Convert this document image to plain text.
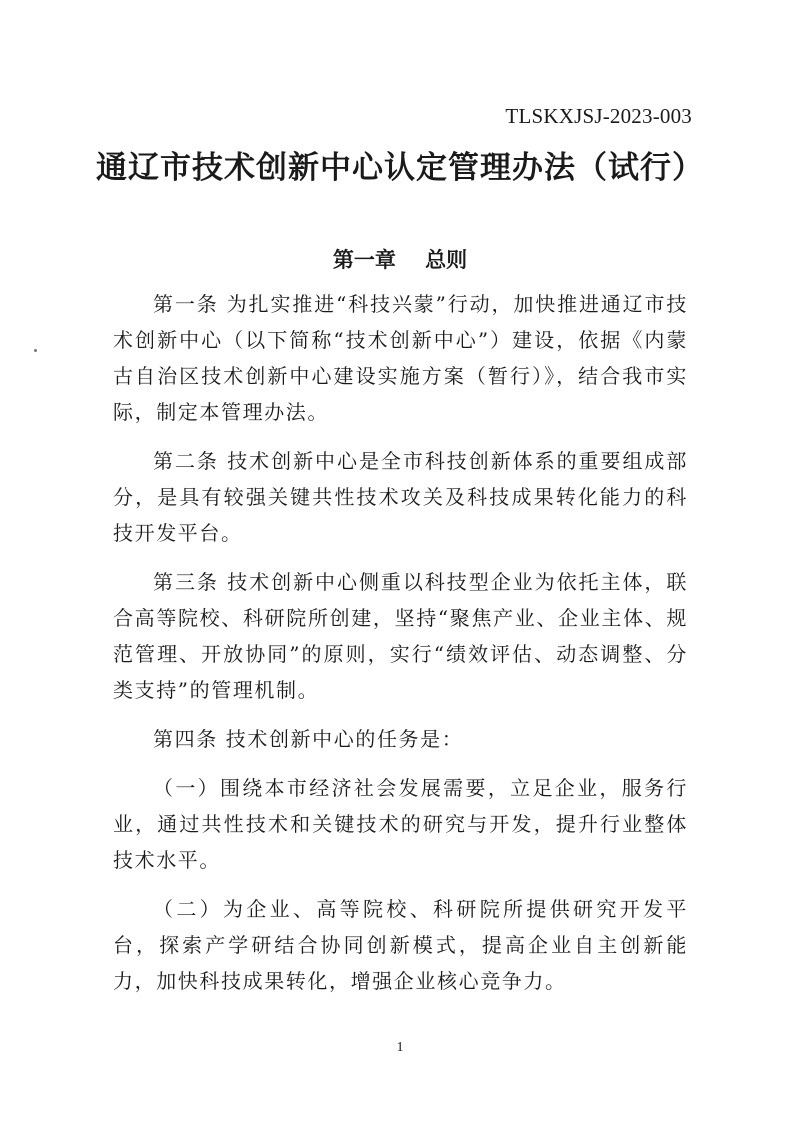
TLSKXJSJ-2023-003
通辽市技术创新中心认定管理办法（试行）
第一章    总则

第一条 为扎实推进“科技兴蒙”行动，加快推进通辽市技术创新中心（以下简称“技术创新中心”）建设，依据《内蒙古自治区技术创新中心建设实施方案（暂行）》，结合我市实际，制定本管理办法。

第二条 技术创新中心是全市科技创新体系的重要组成部分，是具有较强关键共性技术攻关及科技成果转化能力的科技开发平台。

第三条 技术创新中心侧重以科技型企业为依托主体，联合高等院校、科研院所创建，坚持“聚焦产业、企业主体、规范管理、开放协同”的原则，实行“绩效评估、动态调整、分类支持”的管理机制。

第四条 技术创新中心的任务是：

（一）围绕本市经济社会发展需要，立足企业，服务行业，通过共性技术和关键技术的研究与开发，提升行业整体技术水平。

（二）为企业、高等院校、科研院所提供研究开发平台，探索产学研结合协同创新模式，提高企业自主创新能力，加快科技成果转化，增强企业核心竞争力。

1
